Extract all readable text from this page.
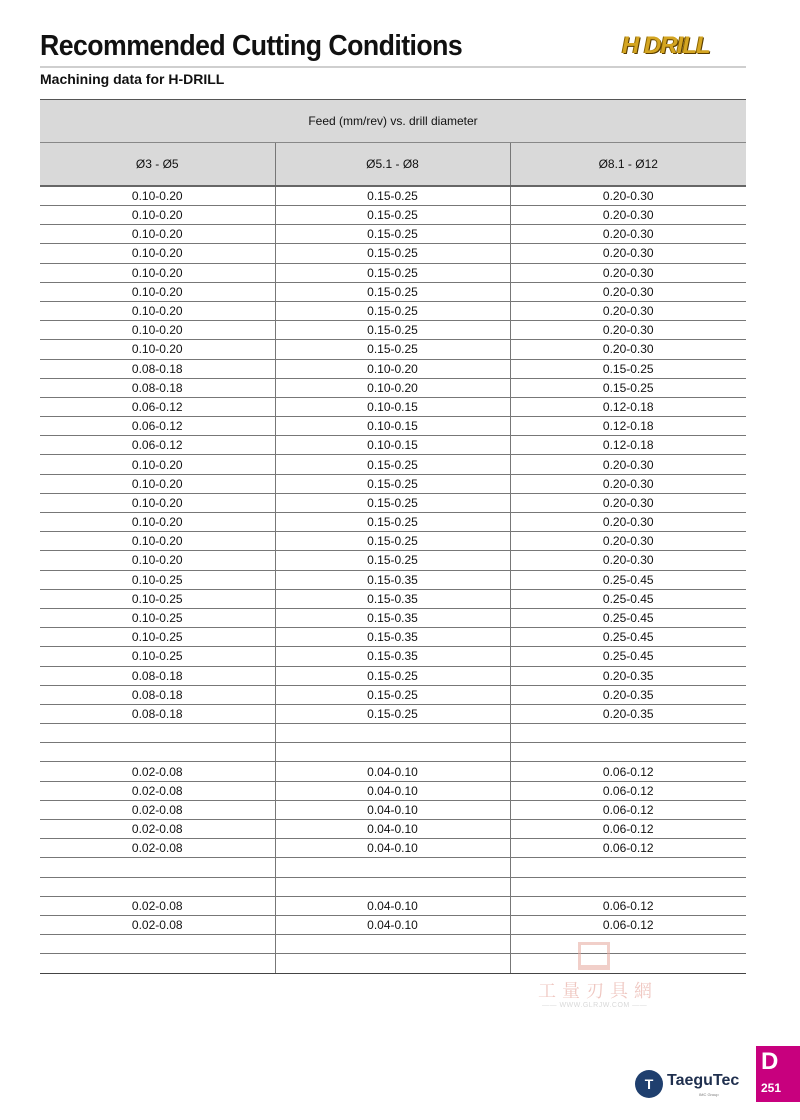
Recommended Cutting Conditions	H DRILL
Machining data for H-DRILL
Feed (mm/rev) vs. drill diameter		
Ø3 - Ø5	Ø5.1 - Ø8	Ø8.1 - Ø12
0.10-0.20	0.15-0.25	0.20-0.30
0.10-0.20	0.15-0.25	0.20-0.30
0.10-0.20	0.15-0.25	0.20-0.30
0.10-0.20	0.15-0.25	0.20-0.30
0.10-0.20	0.15-0.25	0.20-0.30
0.10-0.20	0.15-0.25	0.20-0.30
0.10-0.20	0.15-0.25	0.20-0.30
0.10-0.20	0.15-0.25	0.20-0.30
0.10-0.20	0.15-0.25	0.20-0.30
0.08-0.18	0.10-0.20	0.15-0.25
0.08-0.18	0.10-0.20	0.15-0.25
0.06-0.12	0.10-0.15	0.12-0.18
0.06-0.12	0.10-0.15	0.12-0.18
0.06-0.12	0.10-0.15	0.12-0.18
0.10-0.20	0.15-0.25	0.20-0.30
0.10-0.20	0.15-0.25	0.20-0.30
0.10-0.20	0.15-0.25	0.20-0.30
0.10-0.20	0.15-0.25	0.20-0.30
0.10-0.20	0.15-0.25	0.20-0.30
0.10-0.20	0.15-0.25	0.20-0.30
0.10-0.25	0.15-0.35	0.25-0.45
0.10-0.25	0.15-0.35	0.25-0.45
0.10-0.25	0.15-0.35	0.25-0.45
0.10-0.25	0.15-0.35	0.25-0.45
0.10-0.25	0.15-0.35	0.25-0.45
0.08-0.18	0.15-0.25	0.20-0.35
0.08-0.18	0.15-0.25	0.20-0.35
0.08-0.18	0.15-0.25	0.20-0.35

0.02-0.08	0.04-0.10	0.06-0.12
0.02-0.08	0.04-0.10	0.06-0.12
0.02-0.08	0.04-0.10	0.06-0.12
0.02-0.08	0.04-0.10	0.06-0.12
0.02-0.08	0.04-0.10	0.06-0.12

0.02-0.08	0.04-0.10	0.06-0.12
0.02-0.08	0.04-0.10	0.06-0.12

工量刃具網
—— WWW.GLRJW.COM ——
T TaeguTec
IMC Group
D
251
